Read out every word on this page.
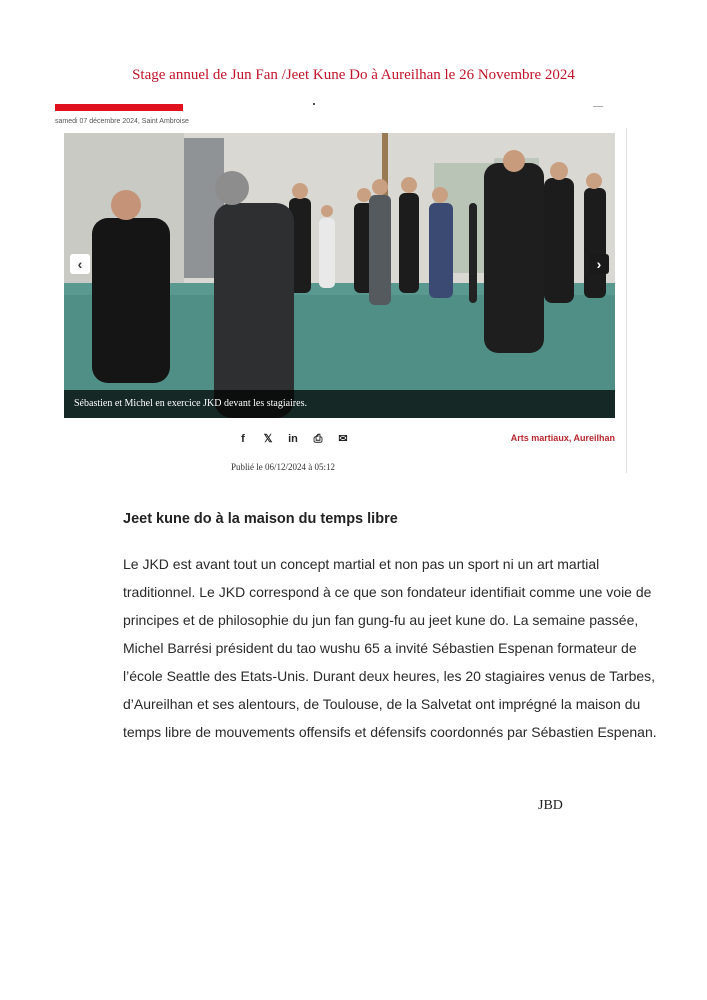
Stage annuel de Jun Fan /Jeet Kune Do à Aureilhan le 26 Novembre 2024
samedi 07 décembre 2024, Saint Ambroise
Sébastien et Michel en exercice JKD devant les stagiaires.
‹	›
f	𝕏 in ⎙ ✉	Arts martiaux, Aureilhan
Publié le 06/12/2024 à 05:12
Jeet kune do à la maison du temps libre

Le JKD est avant tout un concept martial et non pas un sport ni un art martial traditionnel. Le JKD correspond à ce que son fondateur identifiait comme une voie de principes et de philosophie du jun fan gung-fu au jeet kune do. La semaine passée, Michel Barrési président du tao wushu 65 a invité Sébastien Espenan formateur de l’école Seattle des Etats-Unis. Durant deux heures, les 20 stagiaires venus de Tarbes, d’Aureilhan et ses alentours, de Toulouse, de la Salvetat ont imprégné la maison du temps libre de mouvements offensifs et défensifs coordonnés par Sébastien Espenan.

JBD
